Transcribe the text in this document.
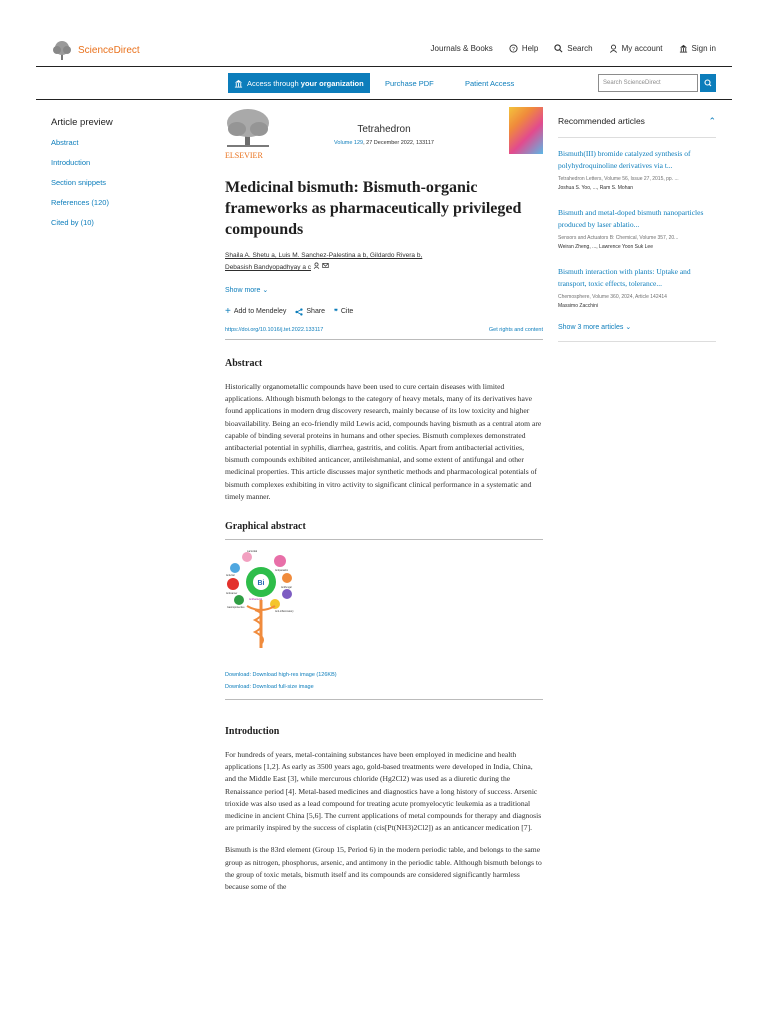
ScienceDirect	Journals & Books	? Help	Search	My account	Sign in
Access through your organization	Purchase PDF	Patient Access	Search ScienceDirect
Article preview
Abstract
Introduction
Section snippets
References (120)
Cited by (10)
ELSEVIER
Tetrahedron
Volume 129, 27 December 2022, 133117
Medicinal bismuth: Bismuth-organic frameworks as pharmaceutically privileged compounds
Shaila A. Shetu a, Luis M. Sanchez-Palestina a b, Gildardo Rivera b,
Debasish Bandyopadhyay a c
Show more ⌄
+ Add to Mendeley	Share ❞ Cite
https://doi.org/10.1016/j.tet.2022.133117	Get rights and content
Abstract

Historically organometallic compounds have been used to cure certain diseases with limited applications. Although bismuth belongs to the category of heavy metals, many of its derivatives have found applications in modern drug discovery research, mainly because of its low toxicity and higher bioavailability. Being an eco-friendly mild Lewis acid, compounds having bismuth as a central atom are capable of binding several proteins in humans and other species. Bismuth complexes demonstrated antibacterial potential in syphilis, diarrhea, gastritis, and colitis. Apart from antibacterial activities, bismuth compounds exhibited anticancer, antileishmanial, and some extent of antifungal and other medicinal properties. This article discusses major synthetic methods and pharmacological potentials of bismuth complexes exhibiting in vitro activity to significant clinical performance in a systematic and timely manner.

Graphical abstract
Bi
Larvicidal
Antiviral
Antiparasitic
Antifungal
Anticancer
Antibacterial
Anti-inflammatory
Gastroprotective
Download: Download high-res image (126KB)
Download: Download full-size image
Introduction

For hundreds of years, metal-containing substances have been employed in medicine and health applications [1,2]. As early as 3500 years ago, gold-based treatments were developed in India, China, and the Middle East [3], while mercurous chloride (Hg2Cl2) was used as a diuretic during the Renaissance period [4]. Metal-based medicines and diagnostics have a long history of success. Arsenic trioxide was also used as a lead compound for treating acute promyelocytic leukemia as a traditional medicine in ancient China [5,6]. The current applications of metal compounds for therapy and diagnosis are primarily inspired by the success of cisplatin (cis[Pt(NH3)2Cl2]) as an anticancer medication [7].

Bismuth is the 83rd element (Group 15, Period 6) in the modern periodic table, and belongs to the same group as nitrogen, phosphorus, arsenic, and antimony in the periodic table. Although bismuth belongs to the group of toxic metals, bismuth itself and its compounds are considered significantly harmless because some of the

Recommended articles	⌃
Bismuth(III) bromide catalyzed synthesis of polyhydroquinoline derivatives via t...
Tetrahedron Letters, Volume 56, Issue 27, 2015, pp. ...
Joshua S. Yoo, ..., Ram S. Mohan
Bismuth and metal-doped bismuth nanoparticles produced by laser ablatio...
Sensors and Actuators B: Chemical, Volume 357, 20...
Weiran Zheng, ..., Lawrence Yoon Suk Lee
Bismuth interaction with plants: Uptake and transport, toxic effects, tolerance...
Chemosphere, Volume 360, 2024, Article 142414
Massimo Zacchini
Show 3 more articles ⌄
